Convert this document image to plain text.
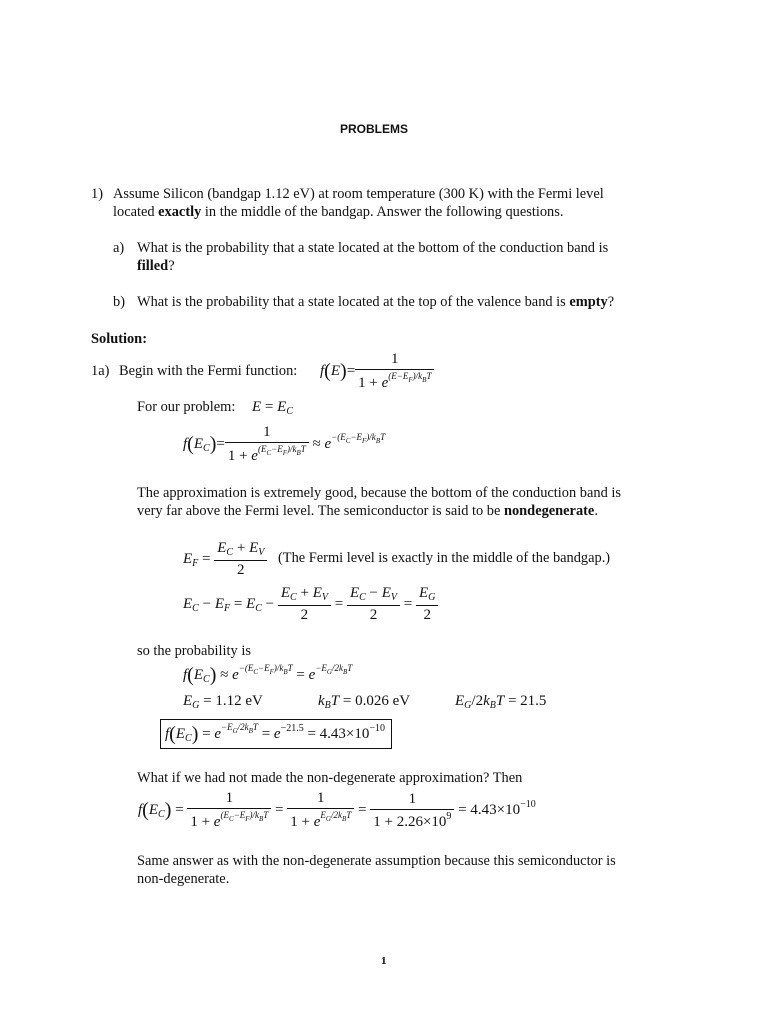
PROBLEMS
1) Assume Silicon (bandgap 1.12 eV) at room temperature (300 K) with the Fermi level
located exactly in the middle of the bandgap. Answer the following questions.
a) What is the probability that a state located at the bottom of the conduction band is
filled?
b) What is the probability that a state located at the top of the valence band is empty?
Solution:
1a) Begin with the Fermi function: $f(E)= \frac{1}{1 + e^{(E-E_F)/k_BT}}$
For our problem: $E = E_C$
$f(E_C)= \frac{1}{1 + e^{(E_C-E_F)/k_BT}} \approx e^{-(E_C-E_F)/k_BT}$
The approximation is extremely good, because the bottom of the conduction band is
very far above the Fermi level. The semiconductor is said to be nondegenerate.
$E_F = \frac{E_C + E_V}{2} (The$ Fermi level is exactly in the middle of the bandgap.)
$E_C - E_F = E_C - \frac{E_C + E_V}{2} = \frac{E_C - E_V}{2} = \frac{E_G}{2}$
so the probability is
$f(E_C) \approx e^{-(E_C-E_F)/k_BT} = e^{-E_G/2k_BT}$
$E_G = 1.12$ eV	$k_BT = 0.026$ eV	$E_G/2k_BT = 21.5$
$f(E_C) = e^{-E_G/2k_BT} = e^{-21.5} = 4.43\times 10^{-10}$
What if we had not made the non-degenerate approximation? Then
$f(E_C) = \frac{1}{1 + e^{(E_C-E_F)/k_BT}} = \frac{1}{1 + e^{E_G/2k_BT}} = \frac{1}{1 + 2.26\times 10^9} = 4.43\times 10^{-10}$
Same answer as with the non-degenerate assumption because this semiconductor is
non-degenerate.
1
